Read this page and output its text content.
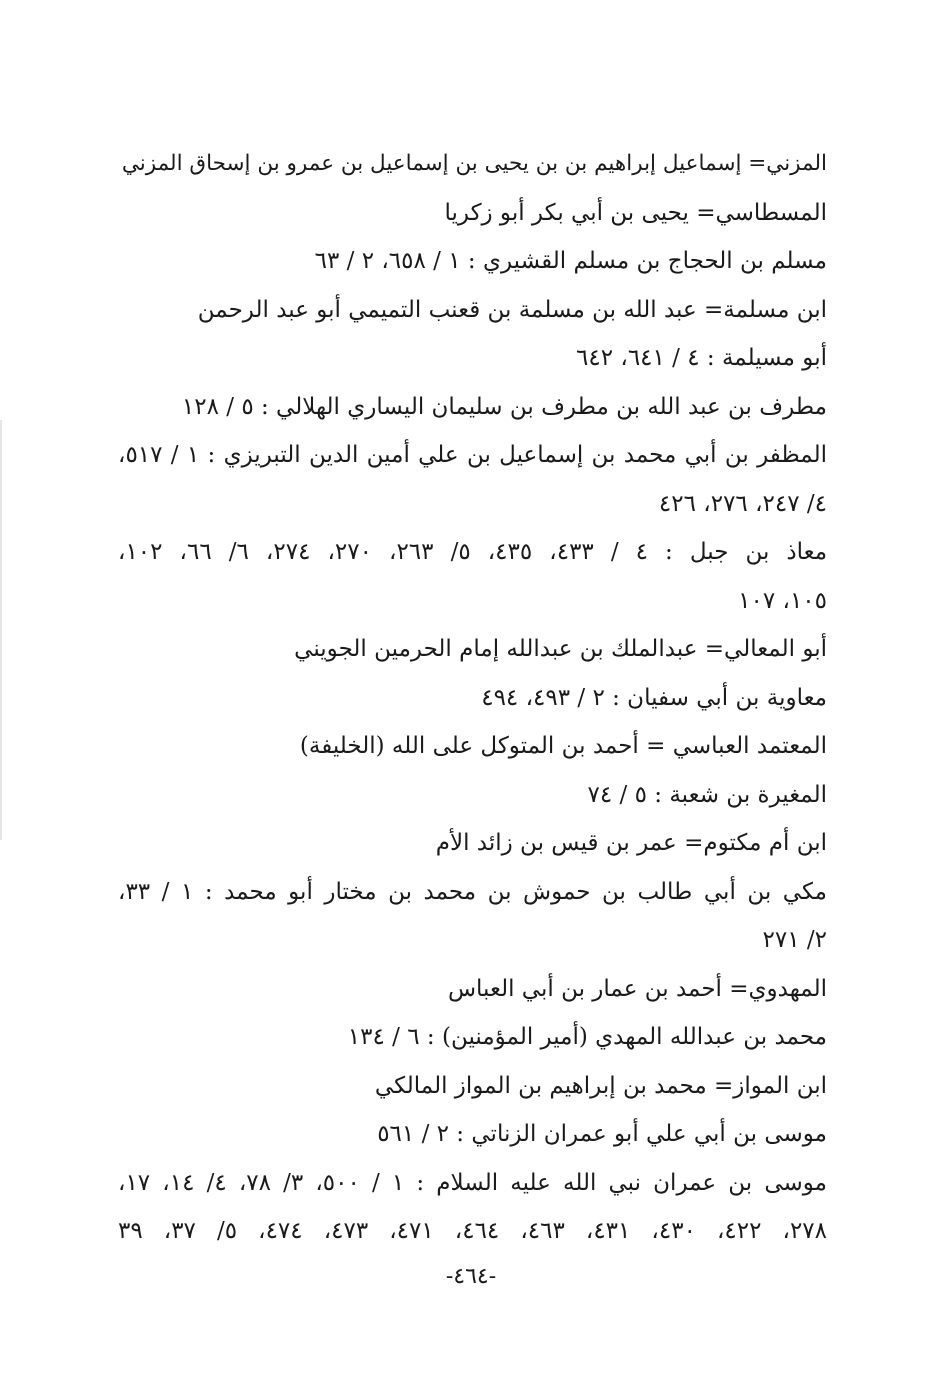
المزني= إسماعيل إبراهيم بن بن يحيى بن إسماعيل بن عمرو بن إسحاق المزني
المسطاسي= يحيى بن أبي بكر أبو زكريا
مسلم بن الحجاج بن مسلم القشيري : ١ / ٦٥٨، ٢ / ٦٣
ابن مسلمة= عبد الله بن مسلمة بن قعنب التميمي أبو عبد الرحمن
أبو مسيلمة : ٤ / ٦٤١، ٦٤٢
مطرف بن عبد الله بن مطرف بن سليمان اليساري الهلالي : ٥ / ١٢٨
المظفر بن أبي محمد بن إسماعيل بن علي أمين الدين التبريزي : ١ / ٥١٧،
٤/ ٢٤٧، ٢٧٦، ٤٢٦
معاذ بن جبل : ٤ / ٤٣٣، ٤٣٥، ٥/ ٢٦٣، ٢٧٠، ٢٧٤، ٦/ ٦٦، ١٠٢،
١٠٥، ١٠٧
أبو المعالي= عبدالملك بن عبدالله إمام الحرمين الجويني
معاوية بن أبي سفيان : ٢ / ٤٩٣، ٤٩٤
المعتمد العباسي = أحمد بن المتوكل على الله (الخليفة)
المغيرة بن شعبة : ٥ / ٧٤
ابن أم مكتوم= عمر بن قيس بن زائد الأم
مكي بن أبي طالب بن حموش بن محمد بن مختار أبو محمد : ١ / ٣٣،
٢/ ٢٧١
المهدوي= أحمد بن عمار بن أبي العباس
محمد بن عبدالله المهدي (أمير المؤمنين) : ٦ / ١٣٤
ابن المواز= محمد بن إبراهيم بن المواز المالكي
موسى بن أبي علي أبو عمران الزناتي : ٢ / ٥٦١
موسى بن عمران نبي الله عليه السلام : ١ / ٥٠٠، ٣/ ٧٨، ٤/ ١٤، ١٧،
٢٧٨، ٤٢٢، ٤٣٠، ٤٣١، ٤٦٣، ٤٦٤، ٤٧١، ٤٧٣، ٤٧٤، ٥/ ٣٧، ٣٩
-٤٦٤-
